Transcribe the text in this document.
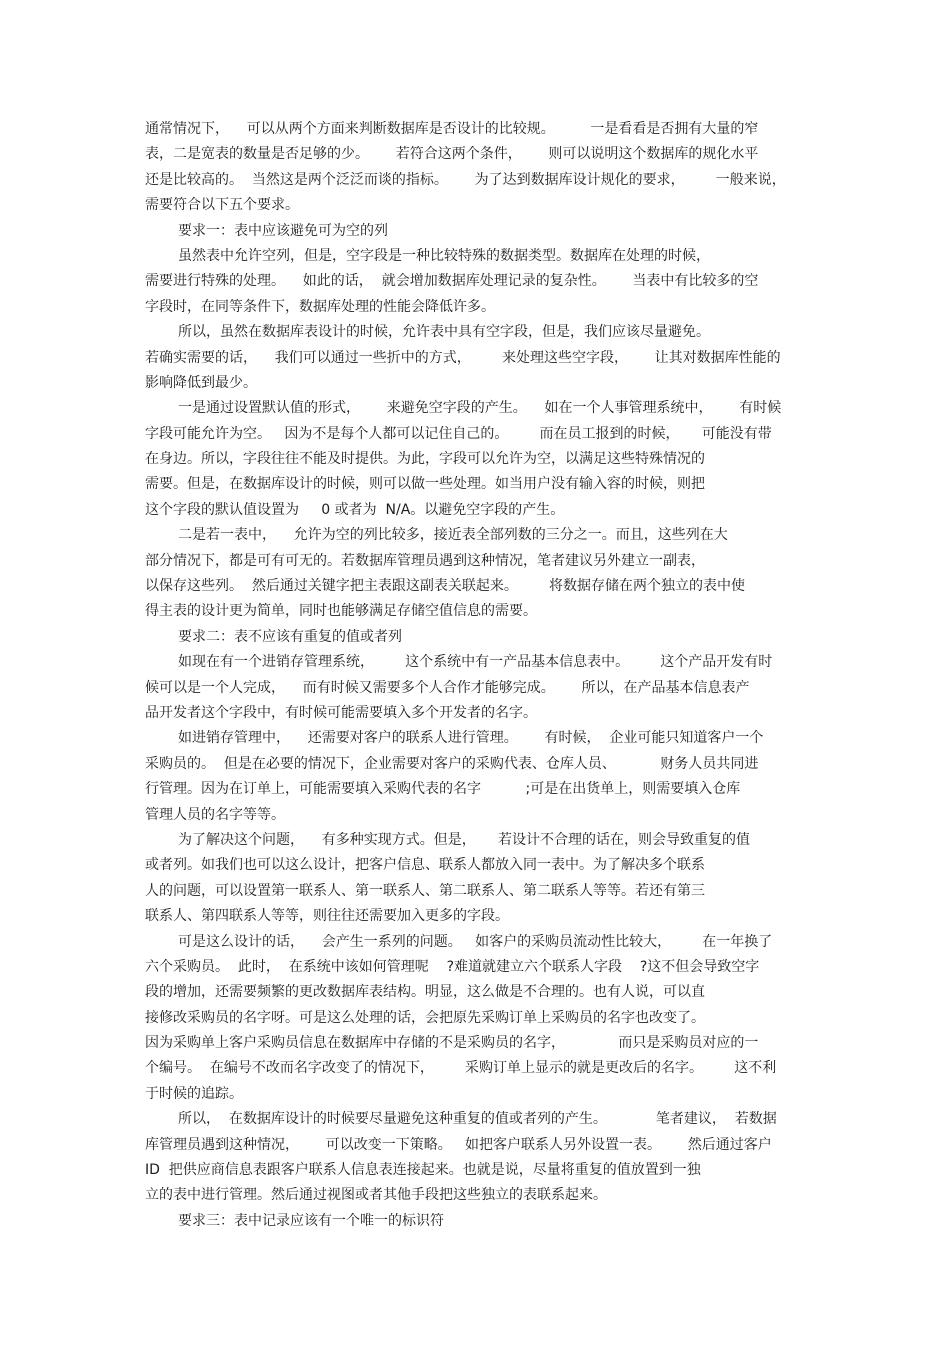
通常情况下，    可以从两个方面来判断数据库是否设计的比较规。        一是看看是否拥有大量的窄
表，二是宽表的数量是否足够的少。      若符合这两个条件，      则可以说明这个数据库的规化水平
还是比较高的。  当然这是两个泛泛而谈的指标。      为了达到数据库设计规化的要求，       一般来说，
需要符合以下五个要求。
要求一：表中应该避免可为空的列
虽然表中允许空列，但是，空字段是一种比较特殊的数据类型。数据库在处理的时候，
需要进行特殊的处理。    如此的话，  就会增加数据库处理记录的复杂性。      当表中有比较多的空
字段时，在同等条件下，数据库处理的性能会降低许多。
所以，虽然在数据库表设计的时候，允许表中具有空字段，但是，我们应该尽量避免。
若确实需要的话，    我们可以通过一些折中的方式，       来处理这些空字段，      让其对数据库性能的
影响降低到最少。
一是通过设置默认值的形式，      来避免空字段的产生。    如在一个人事管理系统中，      有时候
字段可能允许为空。   因为不是每个人都可以记住自己的。       而在员工报到的时候，     可能没有带
在身边。所以，字段往往不能及时提供。为此，字段可以允许为空，以满足这些特殊情况的
需要。但是，在数据库设计的时候，则可以做一些处理。如当用户没有输入容的时候，则把
这个字段的默认值设置为     0 或者为  N/A。以避免空字段的产生。
二是若一表中，    允许为空的列比较多，接近表全部列数的三分之一。而且，这些列在大
部分情况下，都是可有可无的。若数据库管理员遇到这种情况，笔者建议另外建立一副表，
以保存这些列。  然后通过关键字把主表跟这副表关联起来。       将数据存储在两个独立的表中使
得主表的设计更为简单，同时也能够满足存储空值信息的需要。
要求二：表不应该有重复的值或者列
如现在有一个进销存管理系统，       这个系统中有一产品基本信息表中。       这个产品开发有时
候可以是一个人完成，    而有时候又需要多个人合作才能够完成。      所以，在产品基本信息表产
品开发者这个字段中，有时候可能需要填入多个开发者的名字。
如进销存管理中，    还需要对客户的联系人进行管理。      有时候，  企业可能只知道客户一个
采购员的。  但是在必要的情况下，企业需要对客户的采购代表、仓库人员、          财务人员共同进
行管理。因为在订单上，可能需要填入采购代表的名字          ;可是在出货单上，则需要填入仓库
管理人员的名字等等。
为了解决这个问题，    有多种实现方式。但是，     若设计不合理的话在，则会导致重复的值
或者列。如我们也可以这么设计，把客户信息、联系人都放入同一表中。为了解决多个联系
人的问题，可以设置第一联系人、第一联系人、第二联系人、第二联系人等等。若还有第三
联系人、第四联系人等等，则往往还需要加入更多的字段。
可是这么设计的话，    会产生一系列的问题。   如客户的采购员流动性比较大，       在一年换了
六个采购员。  此时，  在系统中该如何管理呢    ?难道就建立六个联系人字段    ?这不但会导致空字
段的增加，还需要频繁的更改数据库表结构。明显，这么做是不合理的。也有人说，可以直
接修改采购员的名字呀。可是这么处理的话，会把原先采购订单上采购员的名字也改变了。
因为采购单上客户采购员信息在数据库中存储的不是采购员的名字，            而只是采购员对应的一
个编号。  在编号不改而名字改变了的情况下，       采购订单上显示的就是更改后的名字。       这不利
于时候的追踪。
所以，  在数据库设计的时候要尽量避免这种重复的值或者列的产生。           笔者建议，  若数据
库管理员遇到这种情况，      可以改变一下策略。   如把客户联系人另外设置一表。      然后通过客户
ID  把供应商信息表跟客户联系人信息表连接起来。也就是说，尽量将重复的值放置到一独
立的表中进行管理。然后通过视图或者其他手段把这些独立的表联系起来。
要求三：表中记录应该有一个唯一的标识符
